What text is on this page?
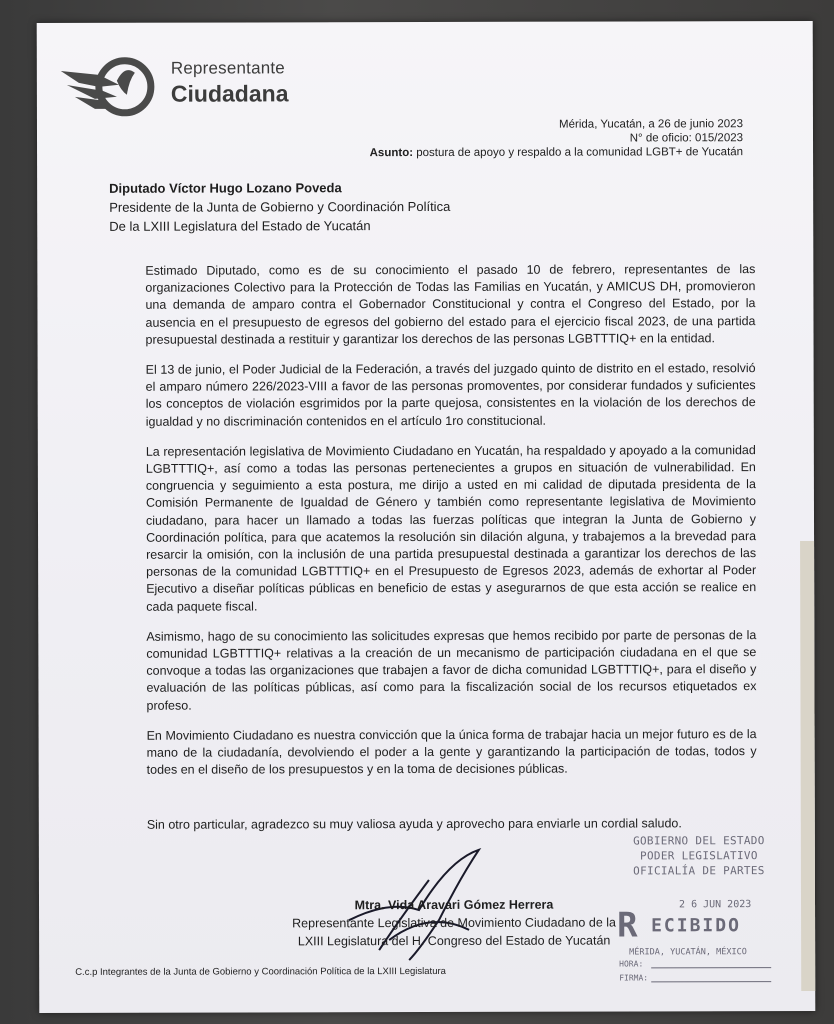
Representante
Ciudadana
Mérida, Yucatán, a 26 de junio 2023
N° de oficio: 015/2023
Asunto: postura de apoyo y respaldo a la comunidad LGBT+ de Yucatán
Diputado Víctor Hugo Lozano Poveda
Presidente de la Junta de Gobierno y Coordinación Política
De la LXIII Legislatura del Estado de Yucatán

Estimado Diputado, como es de su conocimiento el pasado 10 de febrero, representantes de las organizaciones Colectivo para la Protección de Todas las Familias en Yucatán, y AMICUS DH, promovieron una demanda de amparo contra el Gobernador Constitucional y contra el Congreso del Estado, por la ausencia en el presupuesto de egresos del gobierno del estado para el ejercicio fiscal 2023, de una partida presupuestal destinada a restituir y garantizar los derechos de las personas LGBTTTIQ+ en la entidad.

El 13 de junio, el Poder Judicial de la Federación, a través del juzgado quinto de distrito en el estado, resolvió el amparo número 226/2023-VIII a favor de las personas promoventes, por considerar fundados y suficientes los conceptos de violación esgrimidos por la parte quejosa, consistentes en la violación de los derechos de igualdad y no discriminación contenidos en el artículo 1ro constitucional.

La representación legislativa de Movimiento Ciudadano en Yucatán, ha respaldado y apoyado a la comunidad LGBTTTIQ+, así como a todas las personas pertenecientes a grupos en situación de vulnerabilidad. En congruencia y seguimiento a esta postura, me dirijo a usted en mi calidad de diputada presidenta de la Comisión Permanente de Igualdad de Género y también como representante legislativa de Movimiento ciudadano, para hacer un llamado a todas las fuerzas políticas que integran la Junta de Gobierno y Coordinación política, para que acatemos la resolución sin dilación alguna, y trabajemos a la brevedad para resarcir la omisión, con la inclusión de una partida presupuestal destinada a garantizar los derechos de las personas de la comunidad LGBTTTIQ+ en el Presupuesto de Egresos 2023, además de exhortar al Poder Ejecutivo a diseñar políticas públicas en beneficio de estas y asegurarnos de que esta acción se realice en cada paquete fiscal.

Asimismo, hago de su conocimiento las solicitudes expresas que hemos recibido por parte de personas de la comunidad LGBTTTIQ+ relativas a la creación de un mecanismo de participación ciudadana en el que se convoque a todas las organizaciones que trabajen a favor de dicha comunidad LGBTTTIQ+, para el diseño y evaluación de las políticas públicas, así como para la fiscalización social de los recursos etiquetados ex profeso.

En Movimiento Ciudadano es nuestra convicción que la única forma de trabajar hacia un mejor futuro es de la mano de la ciudadanía, devolviendo el poder a la gente y garantizando la participación de todas, todos y todes en el diseño de los presupuestos y en la toma de decisiones públicas.

Sin otro particular, agradezco su muy valiosa ayuda y aprovecho para enviarle un cordial saludo.
Mtra. Vida Aravari Gómez Herrera
Representante Legislativa de Movimiento Ciudadano de la
LXIII Legislatura del H. Congreso del Estado de Yucatán
GOBIERNO DEL ESTADO
PODER LEGISLATIVO
OFICIALÍA DE PARTES
2 6 JUN 2023
R ECIBIDO
MÉRIDA, YUCATÁN, MÉXICO
HORA:
FIRMA:
C.c.p Integrantes de la Junta de Gobierno y Coordinación Política de la LXIII Legislatura
